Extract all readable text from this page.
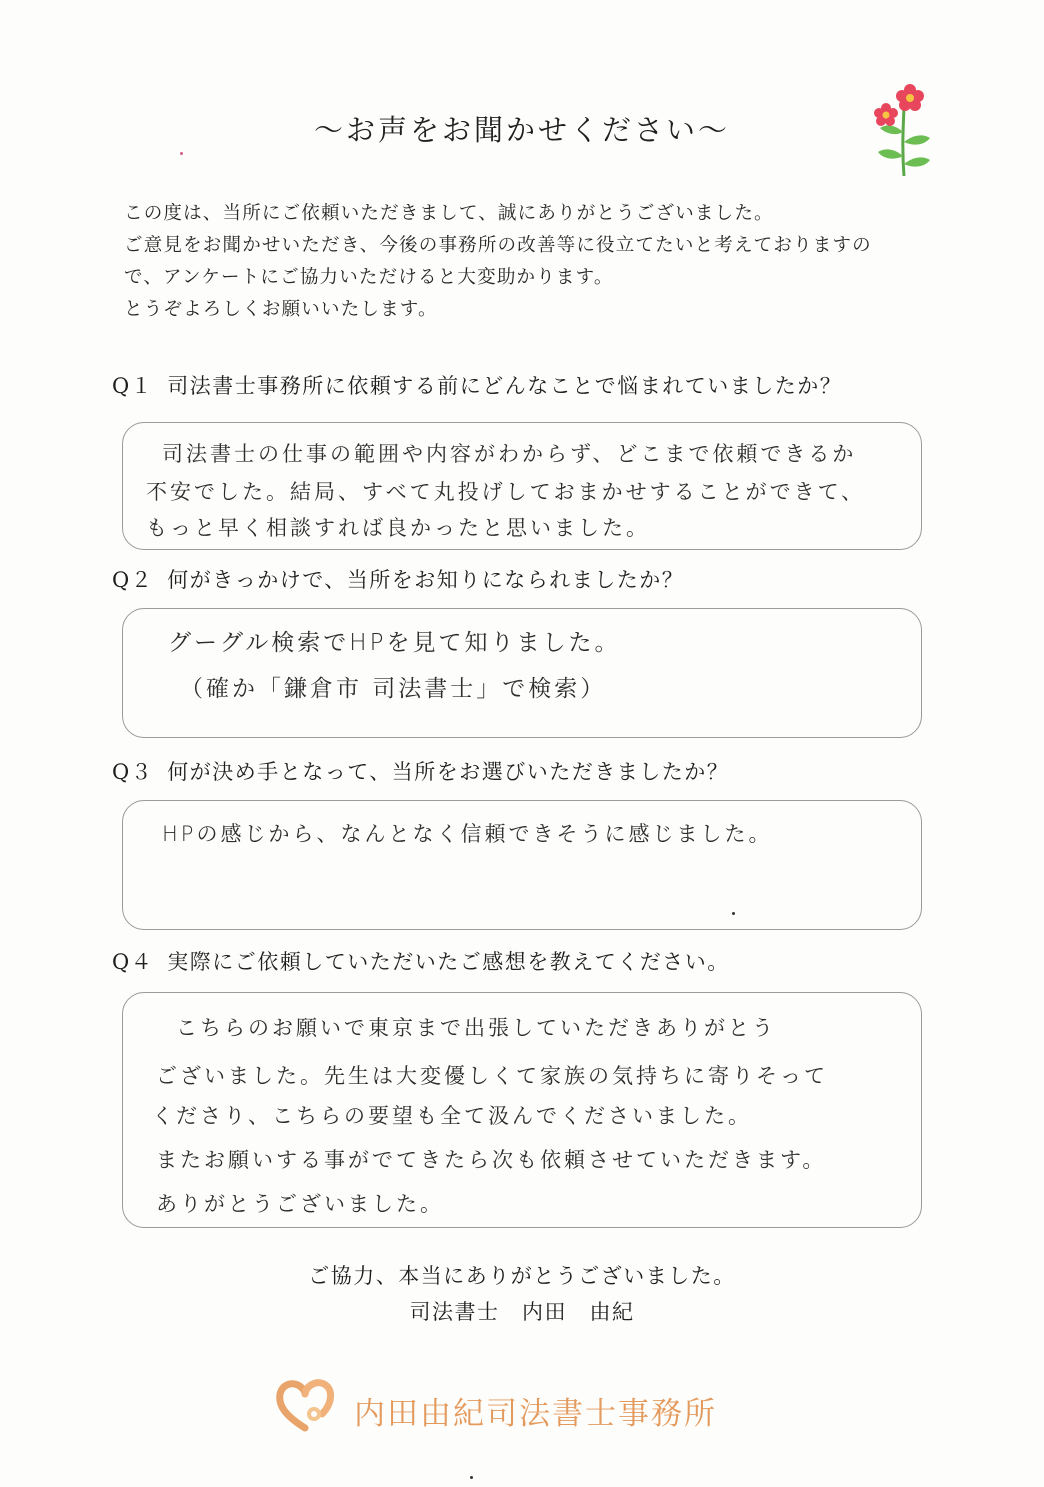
～お声をお聞かせください～
この度は、当所にご依頼いただきまして、誠にありがとうございました。
ご意見をお聞かせいただき、今後の事務所の改善等に役立てたいと考えておりますの
で、アンケートにご協力いただけると大変助かります。
とうぞよろしくお願いいたします。
Q１ 司法書士事務所に依頼する前にどんなことで悩まれていましたか？
司法書士の仕事の範囲や内容がわからず、どこまで依頼できるか
不安でした。結局、すべて丸投げしておまかせすることができて、
もっと早く相談すれば良かったと思いました。
Q２ 何がきっかけで、当所をお知りになられましたか？
グーグル検索でHPを見て知りました。
（確か「鎌倉市 司法書士」で検索）
Q３ 何が決め手となって、当所をお選びいただきましたか？
HPの感じから、なんとなく信頼できそうに感じました。
Q４ 実際にご依頼していただいたご感想を教えてください。
こちらのお願いで東京まで出張していただきありがとう
ございました。先生は大変優しくて家族の気持ちに寄りそって
くださり、こちらの要望も全て汲んでくださいました。
またお願いする事がでてきたら次も依頼させていただきます。
ありがとうございました。
ご協力、本当にありがとうございました。
司法書士　内田　由紀
内田由紀司法書士事務所
